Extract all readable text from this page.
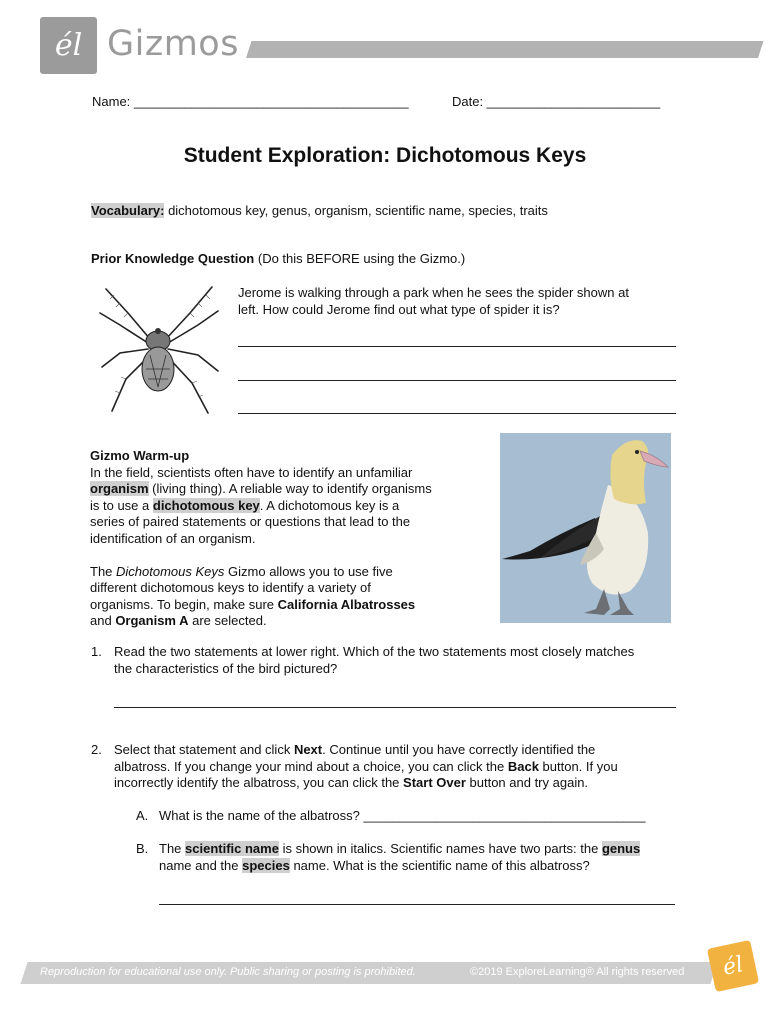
él Gizmos
Name: ______________________________________	Date: ________________________
Student Exploration: Dichotomous Keys
Vocabulary: dichotomous key, genus, organism, scientific name, species, traits
Prior Knowledge Question (Do this BEFORE using the Gizmo.)
Jerome is walking through a park when he sees the spider shown at
left. How could Jerome find out what type of spider it is?
Gizmo Warm-up
In the field, scientists often have to identify an unfamiliar
organism (living thing). A reliable way to identify organisms
is to use a dichotomous key. A dichotomous key is a
series of paired statements or questions that lead to the
identification of an organism.
The Dichotomous Keys Gizmo allows you to use five
different dichotomous keys to identify a variety of
organisms. To begin, make sure California Albatrosses
and Organism A are selected.
1. Read the two statements at lower right. Which of the two statements most closely matches
the characteristics of the bird pictured?
2. Select that statement and click Next. Continue until you have correctly identified the
albatross. If you change your mind about a choice, you can click the Back button. If you
incorrectly identify the albatross, you can click the Start Over button and try again.
A. What is the name of the albatross? _______________________________________
B. The scientific name is shown in italics. Scientific names have two parts: the genus
name and the species name. What is the scientific name of this albatross?
Reproduction for educational use only. Public sharing or posting is prohibited.	©2019 ExploreLearning® All rights reserved	él
